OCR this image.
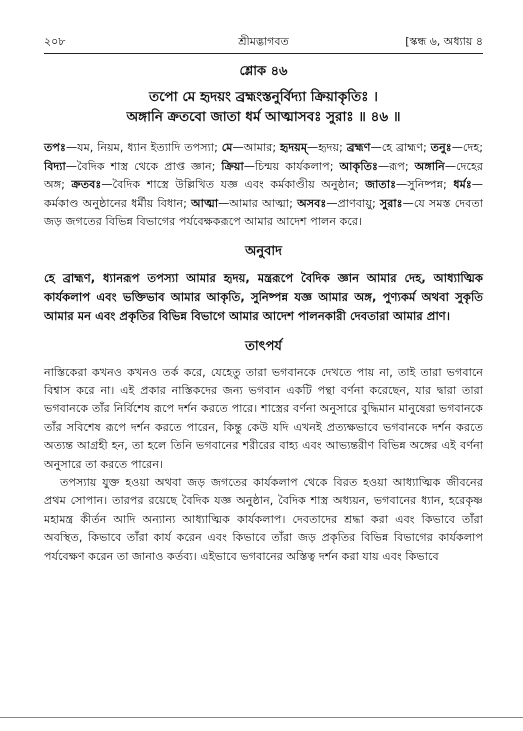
২০৮	শ্রীমদ্ভাগবত	[স্কন্ধ ৬, অধ্যায় ৪
শ্লোক ৪৬
তপো মে হৃদয়ং ব্রহ্মংস্তনুর্বিদ্যা ক্রিয়াকৃতিঃ ।
অঙ্গানি ক্রতবো জাতা ধর্ম আত্মাসবঃ সুরাঃ ॥ ৪৬ ॥
তপঃ—যম, নিয়ম, ধ্যান ইত্যাদি তপস্যা; মে—আমার; হৃদয়ম্—হৃদয়; ব্রহ্মণ—হে ব্রাহ্মণ; তনুঃ—দেহ; বিদ্যা—বৈদিক শাস্ত্র থেকে প্রাপ্ত জ্ঞান; ক্রিয়া—চিন্ময় কার্যকলাপ; আকৃতিঃ—রূপ; অঙ্গানি—দেহের অঙ্গ; ক্রতবঃ—বৈদিক শাস্ত্রে উল্লিখিত যজ্ঞ এবং কর্মকাণ্ডীয় অনুষ্ঠান; জাতাঃ—সুনিষ্পন্ন; ধর্মঃ—কর্মকাণ্ড অনুষ্ঠানের ধর্মীয় বিধান; আত্মা—আমার আত্মা; অসবঃ—প্রাণবায়ু; সুরাঃ—যে সমস্ত দেবতা জড় জগতের বিভিন্ন বিভাগের পর্যবেক্ষকরূপে আমার আদেশ পালন করে।
অনুবাদ
হে ব্রাহ্মণ, ধ্যানরূপ তপস্যা আমার হৃদয়, মন্ত্ররূপে বৈদিক জ্ঞান আমার দেহ, আধ্যাত্মিক কার্যকলাপ এবং ভক্তিভাব আমার আকৃতি, সুনিষ্পন্ন যজ্ঞ আমার অঙ্গ, পুণ্যকর্ম অথবা সুকৃতি আমার মন এবং প্রকৃতির বিভিন্ন বিভাগে আমার আদেশ পালনকারী দেবতারা আমার প্রাণ।
তাৎপর্য

নাস্তিকেরা কখনও কখনও তর্ক করে, যেহেতু তারা ভগবানকে দেখতে পায় না, তাই তারা ভগবানে বিশ্বাস করে না। এই প্রকার নাস্তিকদের জন্য ভগবান একটি পন্থা বর্ণনা করেছেন, যার দ্বারা তারা ভগবানকে তাঁর নির্বিশেষ রূপে দর্শন করতে পারে। শাস্ত্রের বর্ণনা অনুসারে বুদ্ধিমান মানুষেরা ভগবানকে তাঁর সবিশেষ রূপে দর্শন করতে পারেন, কিন্তু কেউ যদি এখনই প্রত্যক্ষভাবে ভগবানকে দর্শন করতে অত্যন্ত আগ্রহী হন, তা হলে তিনি ভগবানের শরীরের বাহ্য এবং আভ্যন্তরীণ বিভিন্ন অঙ্গের এই বর্ণনা অনুসারে তা করতে পারেন।

তপস্যায় যুক্ত হওয়া অথবা জড় জগতের কার্যকলাপ থেকে বিরত হওয়া আধ্যাত্মিক জীবনের প্রথম সোপান। তারপর রয়েছে বৈদিক যজ্ঞ অনুষ্ঠান, বৈদিক শাস্ত্র অধ্যয়ন, ভগবানের ধ্যান, হরেকৃষ্ণ মহামন্ত্র কীর্তন আদি অন্যান্য আধ্যাত্মিক কার্যকলাপ। দেবতাদের শ্রদ্ধা করা এবং কিভাবে তাঁরা অবস্থিত, কিভাবে তাঁরা কার্য করেন এবং কিভাবে তাঁরা জড় প্রকৃতির বিভিন্ন বিভাগের কার্যকলাপ পর্যবেক্ষণ করেন তা জানাও কর্তব্য। এইভাবে ভগবানের অস্তিত্ব দর্শন করা যায় এবং কিভাবে
